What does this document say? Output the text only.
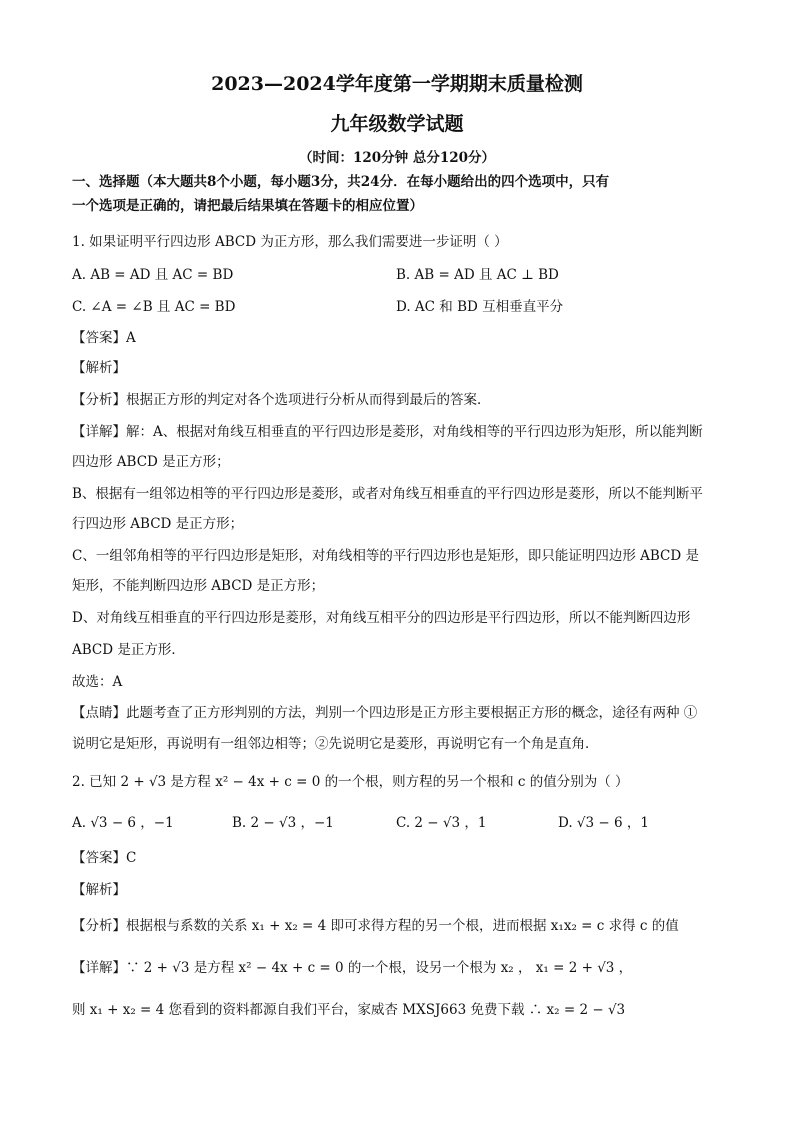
2023—2024学年度第一学期期末质量检测
九年级数学试题
（时间：120分钟 总分120分）
一、选择题（本大题共8个小题，每小题3分，共24分．在每小题给出的四个选项中，只有
一个选项是正确的，请把最后结果填在答题卡的相应位置）
1. 如果证明平行四边形 ABCD 为正方形，那么我们需要进一步证明（ ）
A. AB = AD 且 AC = BD	B. AB = AD 且 AC ⊥ BD
C. ∠A = ∠B 且 AC = BD	D. AC 和 BD 互相垂直平分
【答案】A
【解析】
【分析】根据正方形的判定对各个选项进行分析从而得到最后的答案．
【详解】解：A、根据对角线互相垂直的平行四边形是菱形，对角线相等的平行四边形为矩形，所以能判断
四边形 ABCD 是正方形；
B、根据有一组邻边相等的平行四边形是菱形，或者对角线互相垂直的平行四边形是菱形，所以不能判断平
行四边形 ABCD 是正方形；
C、一组邻角相等的平行四边形是矩形，对角线相等的平行四边形也是矩形，即只能证明四边形 ABCD 是
矩形，不能判断四边形 ABCD 是正方形；
D、对角线互相垂直的平行四边形是菱形，对角线互相平分的四边形是平行四边形，所以不能判断四边形
ABCD 是正方形．
故选：A
【点睛】此题考查了正方形判别的方法，判别一个四边形是正方形主要根据正方形的概念，途径有两种 ①
说明它是矩形，再说明有一组邻边相等；②先说明它是菱形，再说明它有一个角是直角．
2. 已知 2 + √3 是方程 x² − 4x + c = 0 的一个根，则方程的另一个根和 c 的值分别为（ ）
A. √3 − 6 ，−1	B. 2 − √3 ，−1	C. 2 − √3 ，1	D. √3 − 6 ，1
【答案】C
【解析】
【分析】根据根与系数的关系 x₁ + x₂ = 4 即可求得方程的另一个根，进而根据 x₁x₂ = c 求得 c 的值
【详解】∵ 2 + √3 是方程 x² − 4x + c = 0 的一个根，设另一个根为 x₂ ， x₁ = 2 + √3 ，
则 x₁ + x₂ = 4 您看到的资料都源自我们平台，家威杏 MXSJ663 免费下载 ∴ x₂ = 2 − √3
